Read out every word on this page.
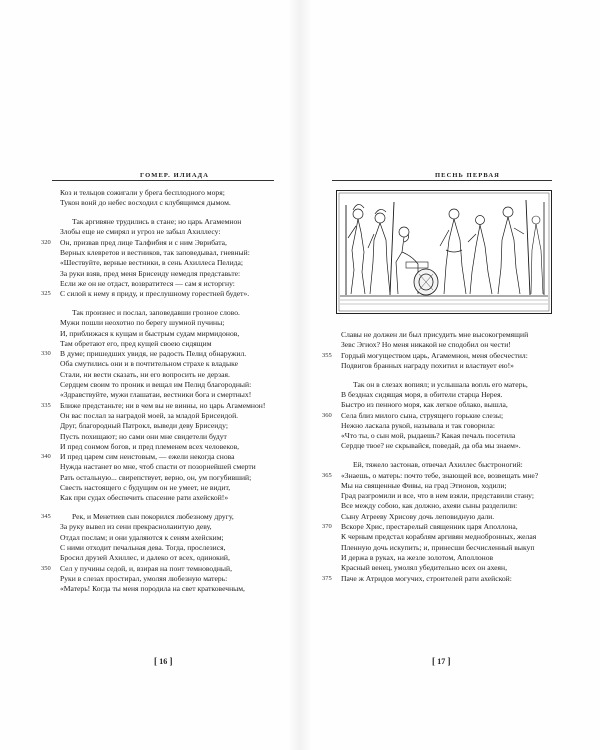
ГОМЕР. ИЛИАДА
Коз и тельцов сожигали у брега бесплодного моря;
Тукон вонй до небес восходил с клубящимся дымом.
Так аргивяне трудились в стане; но царь Агамемнон
Злобы еще не смирял и угроз не забыл Ахиллесу:
320 Он, призвав пред лице Талфибия и с ним Эврибата,
Верных клевретов и вестников, так заповедывал, гневный:
«Шествуйте, верные вестники, в сень Ахиллеса Пелида;
За руки взяв, пред меня Брисеиду немедля представьте:
Если же он не отдаст, возвратитеся — сам я исторгну:
325 С силой к нему я приду, и преслушному горестней будет».
Так произнес и послал, заповедавши грозное слово.
Мужи пошли неохотно по берегу шумной пучины;
И, приближася к кущам и быстрым судам мирмидонов,
Там обретают его, пред кущей своею сидящим
330 В думе; пришедших увидя, не радость Пелид обнаружил.
Оба смутились они и в почтительном страхе к владыке
Стали, ни вести сказать, ни его вопросить не дерзая.
Сердцем своим то проник и вещал им Пелид благородный:
«Здравствуйте, мужи глашатаи, вестники бога и смертных!
335 Ближе предстаньте; ни в чем вы не винны, но царь Агамемнон!
Он вас послал за наградой моей, за младой Брисеидой.
Друг, благородный Патрокл, выведи деву Брисеиду;
Пусть похищают; но сами они мне свидетели будут
И пред сонмом богов, и пред племенем всех человеков,
340 И пред царем сим неистовым, — ежели некогда снова
Нужда настанет во мне, чтоб спасти от позорнейшей смерти
Рать остальную... свирепствует, верно, он, ум погубивший;
Свесть настоящего с будущим он не умеет, не видит,
Как при судах обеспечить спасение рати ахейской!»
345	Рек, и Менетиев сын покорился любезному другу,
За руку вывел из сени прекраснолаинтую деву,
Отдал послам; и они удаляются к сеням ахейским;
С ними отходит печальная дева. Тогда, прослезися,
Бросил друзей Ахиллес, и далеко от всех, одинокий,
350 Сел у пучины седой, и, взирая на понт темноводный,
Руки в слезах простирал, умоляя любезную матерь:
«Матерь! Когда ты меня породила на свет кратковечным,
[ 16 ]
ПЕСНЬ ПЕРВАЯ
Славы не должен ли был присудить мне высокогремящий
Зевс Эгиох? Но меня никакой не сподобил он чести!
355 Гордый могуществом царь, Агамемнон, меня обесчестил:
Подвигов бранных награду похитил и властвует ею!»
Так он в слезах вопиял; и услышала вопль его матерь,
В безднах сидящая моря, в обители старца Нерея.
Быстро из пенного моря, как легкое облако, вышла,
360 Села близ милого сына, струящего горькие слезы;
Нежно ласкала рукой, называла и так говорила:
«Что ты, о сын мой, рыдаешь? Какая печаль посетила
Сердце твое? не скрывайся, поведай, да оба мы знаем».
Ей, тяжело застонав, отвечал Ахиллес быстроногий:
365 «Знаешь, о матерь: почто тебе, знающей все, возвещать мне?
Мы на священные Фивы, на град Этионов, ходили;
Град разгромили и все, что в нем взяли, представили стану;
Все между собою, как должно, ахеяи сыны разделили:
Сыну Атрееву Хрисову дочь леповидную дали.
370 Вскоре Хрис, престарелый священник царя Аполлона,
К черным предстал кораблям аргивян меднобронных, желая
Пленную дочь искупить; и, принесши бесчисленный выкуп
И держа в руках, на жезле золотом, Аполлонов
Красный венец, умолял убедительно всех он ахеян,
375 Паче ж Атридов могучих, строителей рати ахейской:
[ 17 ]
